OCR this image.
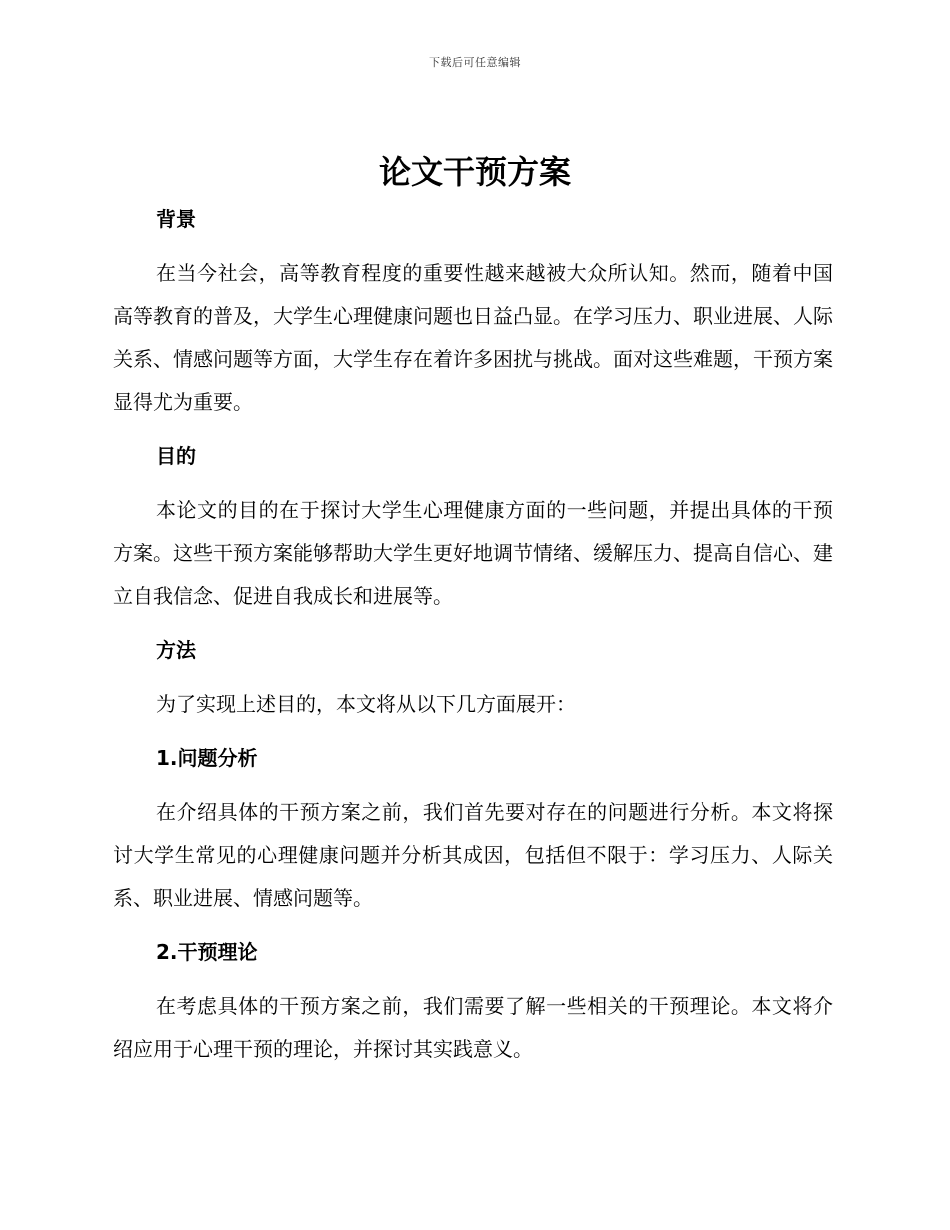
下载后可任意编辑
论文干预方案
背景

在当今社会，高等教育程度的重要性越来越被大众所认知。然而，随着中国高等教育的普及，大学生心理健康问题也日益凸显。在学习压力、职业进展、人际关系、情感问题等方面，大学生存在着许多困扰与挑战。面对这些难题，干预方案显得尤为重要。

目的

本论文的目的在于探讨大学生心理健康方面的一些问题，并提出具体的干预方案。这些干预方案能够帮助大学生更好地调节情绪、缓解压力、提高自信心、建立自我信念、促进自我成长和进展等。

方法

为了实现上述目的，本文将从以下几方面展开：

1.问题分析

在介绍具体的干预方案之前，我们首先要对存在的问题进行分析。本文将探讨大学生常见的心理健康问题并分析其成因，包括但不限于：学习压力、人际关系、职业进展、情感问题等。

2.干预理论

在考虑具体的干预方案之前，我们需要了解一些相关的干预理论。本文将介绍应用于心理干预的理论，并探讨其实践意义。
